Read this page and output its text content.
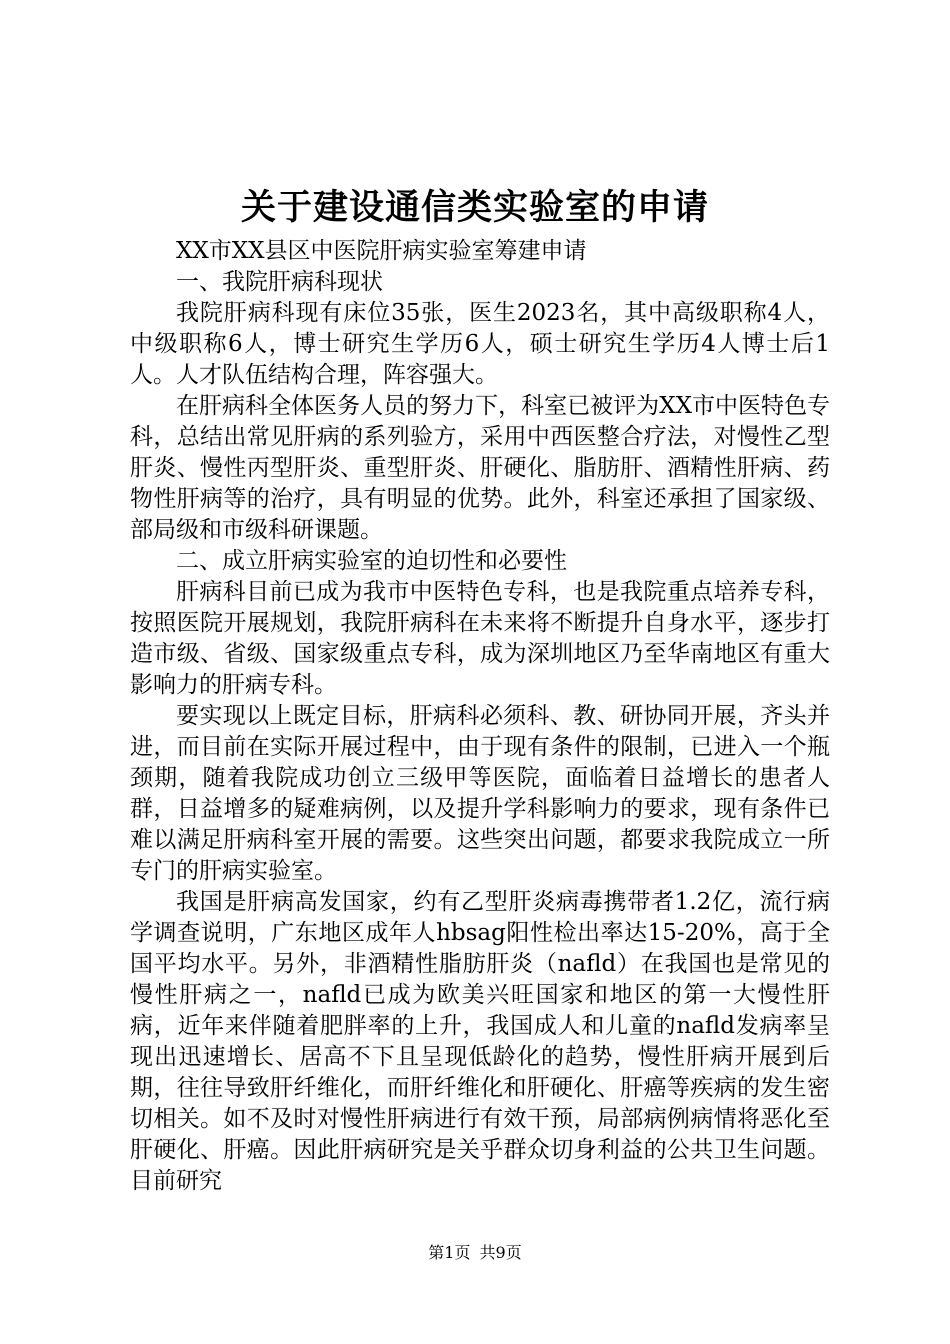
关于建设通信类实验室的申请

XX市XX县区中医院肝病实验室筹建申请

一、我院肝病科现状

我院肝病科现有床位35张，医生2023名，其中高级职称4人，中级职称6人，博士研究生学历6人，硕士研究生学历4人博士后1人。人才队伍结构合理，阵容强大。

在肝病科全体医务人员的努力下，科室已被评为XX市中医特色专科，总结出常见肝病的系列验方，采用中西医整合疗法，对慢性乙型肝炎、慢性丙型肝炎、重型肝炎、肝硬化、脂肪肝、酒精性肝病、药物性肝病等的治疗，具有明显的优势。此外，科室还承担了国家级、部局级和市级科研课题。

二、成立肝病实验室的迫切性和必要性

肝病科目前已成为我市中医特色专科，也是我院重点培养专科，按照医院开展规划，我院肝病科在未来将不断提升自身水平，逐步打造市级、省级、国家级重点专科，成为深圳地区乃至华南地区有重大影响力的肝病专科。

要实现以上既定目标，肝病科必须科、教、研协同开展，齐头并进，而目前在实际开展过程中，由于现有条件的限制，已进入一个瓶颈期，随着我院成功创立三级甲等医院，面临着日益增长的患者人群，日益增多的疑难病例，以及提升学科影响力的要求，现有条件已难以满足肝病科室开展的需要。这些突出问题，都要求我院成立一所专门的肝病实验室。

我国是肝病高发国家，约有乙型肝炎病毒携带者1.2亿，流行病学调查说明，广东地区成年人hbsag阳性检出率达15-20%，高于全国平均水平。另外，非酒精性脂肪肝炎（nafld）在我国也是常见的慢性肝病之一，nafld已成为欧美兴旺国家和地区的第一大慢性肝病，近年来伴随着肥胖率的上升，我国成人和儿童的nafld发病率呈现出迅速增长、居高不下且呈现低龄化的趋势，慢性肝病开展到后期，往往导致肝纤维化，而肝纤维化和肝硬化、肝癌等疾病的发生密切相关。如不及时对慢性肝病进行有效干预，局部病例病情将恶化至肝硬化、肝癌。因此肝病研究是关乎群众切身利益的公共卫生问题。目前研究

第1页 共9页
